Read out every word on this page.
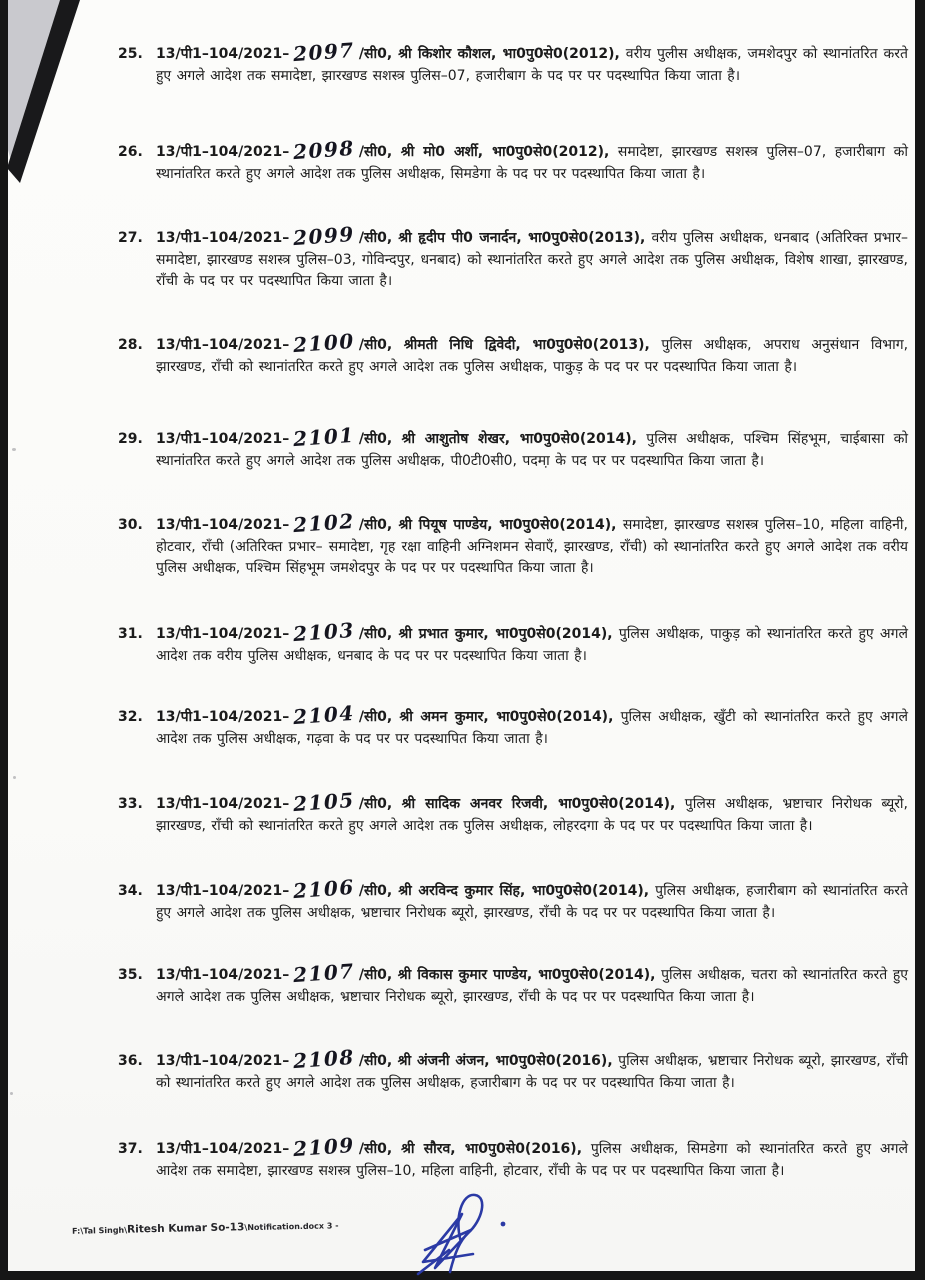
25. 13/पी1–104/2021– 2097 /सी0, श्री किशोर कौशल, भा0पु0से0(2012), वरीय पुलीस अधीक्षक, जमशेदपुर को स्थानांतरित करते हुए अगले आदेश तक समादेष्टा, झारखण्ड सशस्त्र पुलिस–07, हजारीबाग के पद पर पर पदस्थापित किया जाता है।

26. 13/पी1–104/2021– 2098 /सी0, श्री मो0 अर्शी, भा0पु0से0(2012), समादेष्टा, झारखण्ड सशस्त्र पुलिस–07, हजारीबाग को स्थानांतरित करते हुए अगले आदेश तक पुलिस अधीक्षक, सिमडेगा के पद पर पर पदस्थापित किया जाता है।

27. 13/पी1–104/2021– 2099 /सी0, श्री हृदीप पी0 जनार्दन, भा0पु0से0(2013), वरीय पुलिस अधीक्षक, धनबाद (अतिरिक्त प्रभार– समादेष्टा, झारखण्ड सशस्त्र पुलिस–03, गोविन्दपुर, धनबाद) को स्थानांतरित करते हुए अगले आदेश तक पुलिस अधीक्षक, विशेष शाखा, झारखण्ड, राँची के पद पर पर पदस्थापित किया जाता है।

28. 13/पी1–104/2021– 2100 /सी0, श्रीमती निधि द्विवेदी, भा0पु0से0(2013), पुलिस अधीक्षक, अपराध अनुसंधान विभाग, झारखण्ड, राँची को स्थानांतरित करते हुए अगले आदेश तक पुलिस अधीक्षक, पाकुड़ के पद पर पर पदस्थापित किया जाता है।

29. 13/पी1–104/2021– 2101 /सी0, श्री आशुतोष शेखर, भा0पु0से0(2014), पुलिस अधीक्षक, पश्चिम सिंहभूम, चाईबासा को स्थानांतरित करते हुए अगले आदेश तक पुलिस अधीक्षक, पी0टी0सी0, पदमा़ के पद पर पर पदस्थापित किया जाता है।

30. 13/पी1–104/2021– 2102 /सी0, श्री पियूष पाण्डेय, भा0पु0से0(2014), समादेष्टा, झारखण्ड सशस्त्र पुलिस–10, महिला वाहिनी, होटवार, राँची (अतिरिक्त प्रभार– समादेष्टा, गृह रक्षा वाहिनी अग्निशमन सेवाएँ, झारखण्ड, राँची) को स्थानांतरित करते हुए अगले आदेश तक वरीय पुलिस अधीक्षक, पश्चिम सिंहभूम जमशेदपुर के पद पर पर पदस्थापित किया जाता है।

31. 13/पी1–104/2021– 2103 /सी0, श्री प्रभात कुमार, भा0पु0से0(2014), पुलिस अधीक्षक, पाकुड़ को स्थानांतरित करते हुए अगले आदेश तक वरीय पुलिस अधीक्षक, धनबाद के पद पर पर पदस्थापित किया जाता है।

32. 13/पी1–104/2021– 2104 /सी0, श्री अमन कुमार, भा0पु0से0(2014), पुलिस अधीक्षक, खुँटी को स्थानांतरित करते हुए अगले आदेश तक पुलिस अधीक्षक, गढ़वा के पद पर पर पदस्थापित किया जाता है।

33. 13/पी1–104/2021– 2105 /सी0, श्री सादिक अनवर रिजवी, भा0पु0से0(2014), पुलिस अधीक्षक, भ्रष्टाचार निरोधक ब्यूरो, झारखण्ड, राँची को स्थानांतरित करते हुए अगले आदेश तक पुलिस अधीक्षक, लोहरदगा के पद पर पर पदस्थापित किया जाता है।

34. 13/पी1–104/2021– 2106 /सी0, श्री अरविन्द कुमार सिंह, भा0पु0से0(2014), पुलिस अधीक्षक, हजारीबाग को स्थानांतरित करते हुए अगले आदेश तक पुलिस अधीक्षक, भ्रष्टाचार निरोधक ब्यूरो, झारखण्ड, राँची के पद पर पर पदस्थापित किया जाता है।

35. 13/पी1–104/2021– 2107 /सी0, श्री विकास कुमार पाण्डेय, भा0पु0से0(2014), पुलिस अधीक्षक, चतरा को स्थानांतरित करते हुए अगले आदेश तक पुलिस अधीक्षक, भ्रष्टाचार निरोधक ब्यूरो, झारखण्ड, राँची के पद पर पर पदस्थापित किया जाता है।

36. 13/पी1–104/2021– 2108 /सी0, श्री अंजनी अंजन, भा0पु0से0(2016), पुलिस अधीक्षक, भ्रष्टाचार निरोधक ब्यूरो, झारखण्ड, राँची को स्थानांतरित करते हुए अगले आदेश तक पुलिस अधीक्षक, हजारीबाग के पद पर पर पदस्थापित किया जाता है।

37. 13/पी1–104/2021– 2109 /सी0, श्री सौरव, भा0पु0से0(2016), पुलिस अधीक्षक, सिमडेगा को स्थानांतरित करते हुए अगले आदेश तक समादेष्टा, झारखण्ड सशस्त्र पुलिस–10, महिला वाहिनी, होटवार, राँची के पद पर पर पदस्थापित किया जाता है।

F:\Tal Singh\Ritesh Kumar So-13\Notification.docx 3 -
